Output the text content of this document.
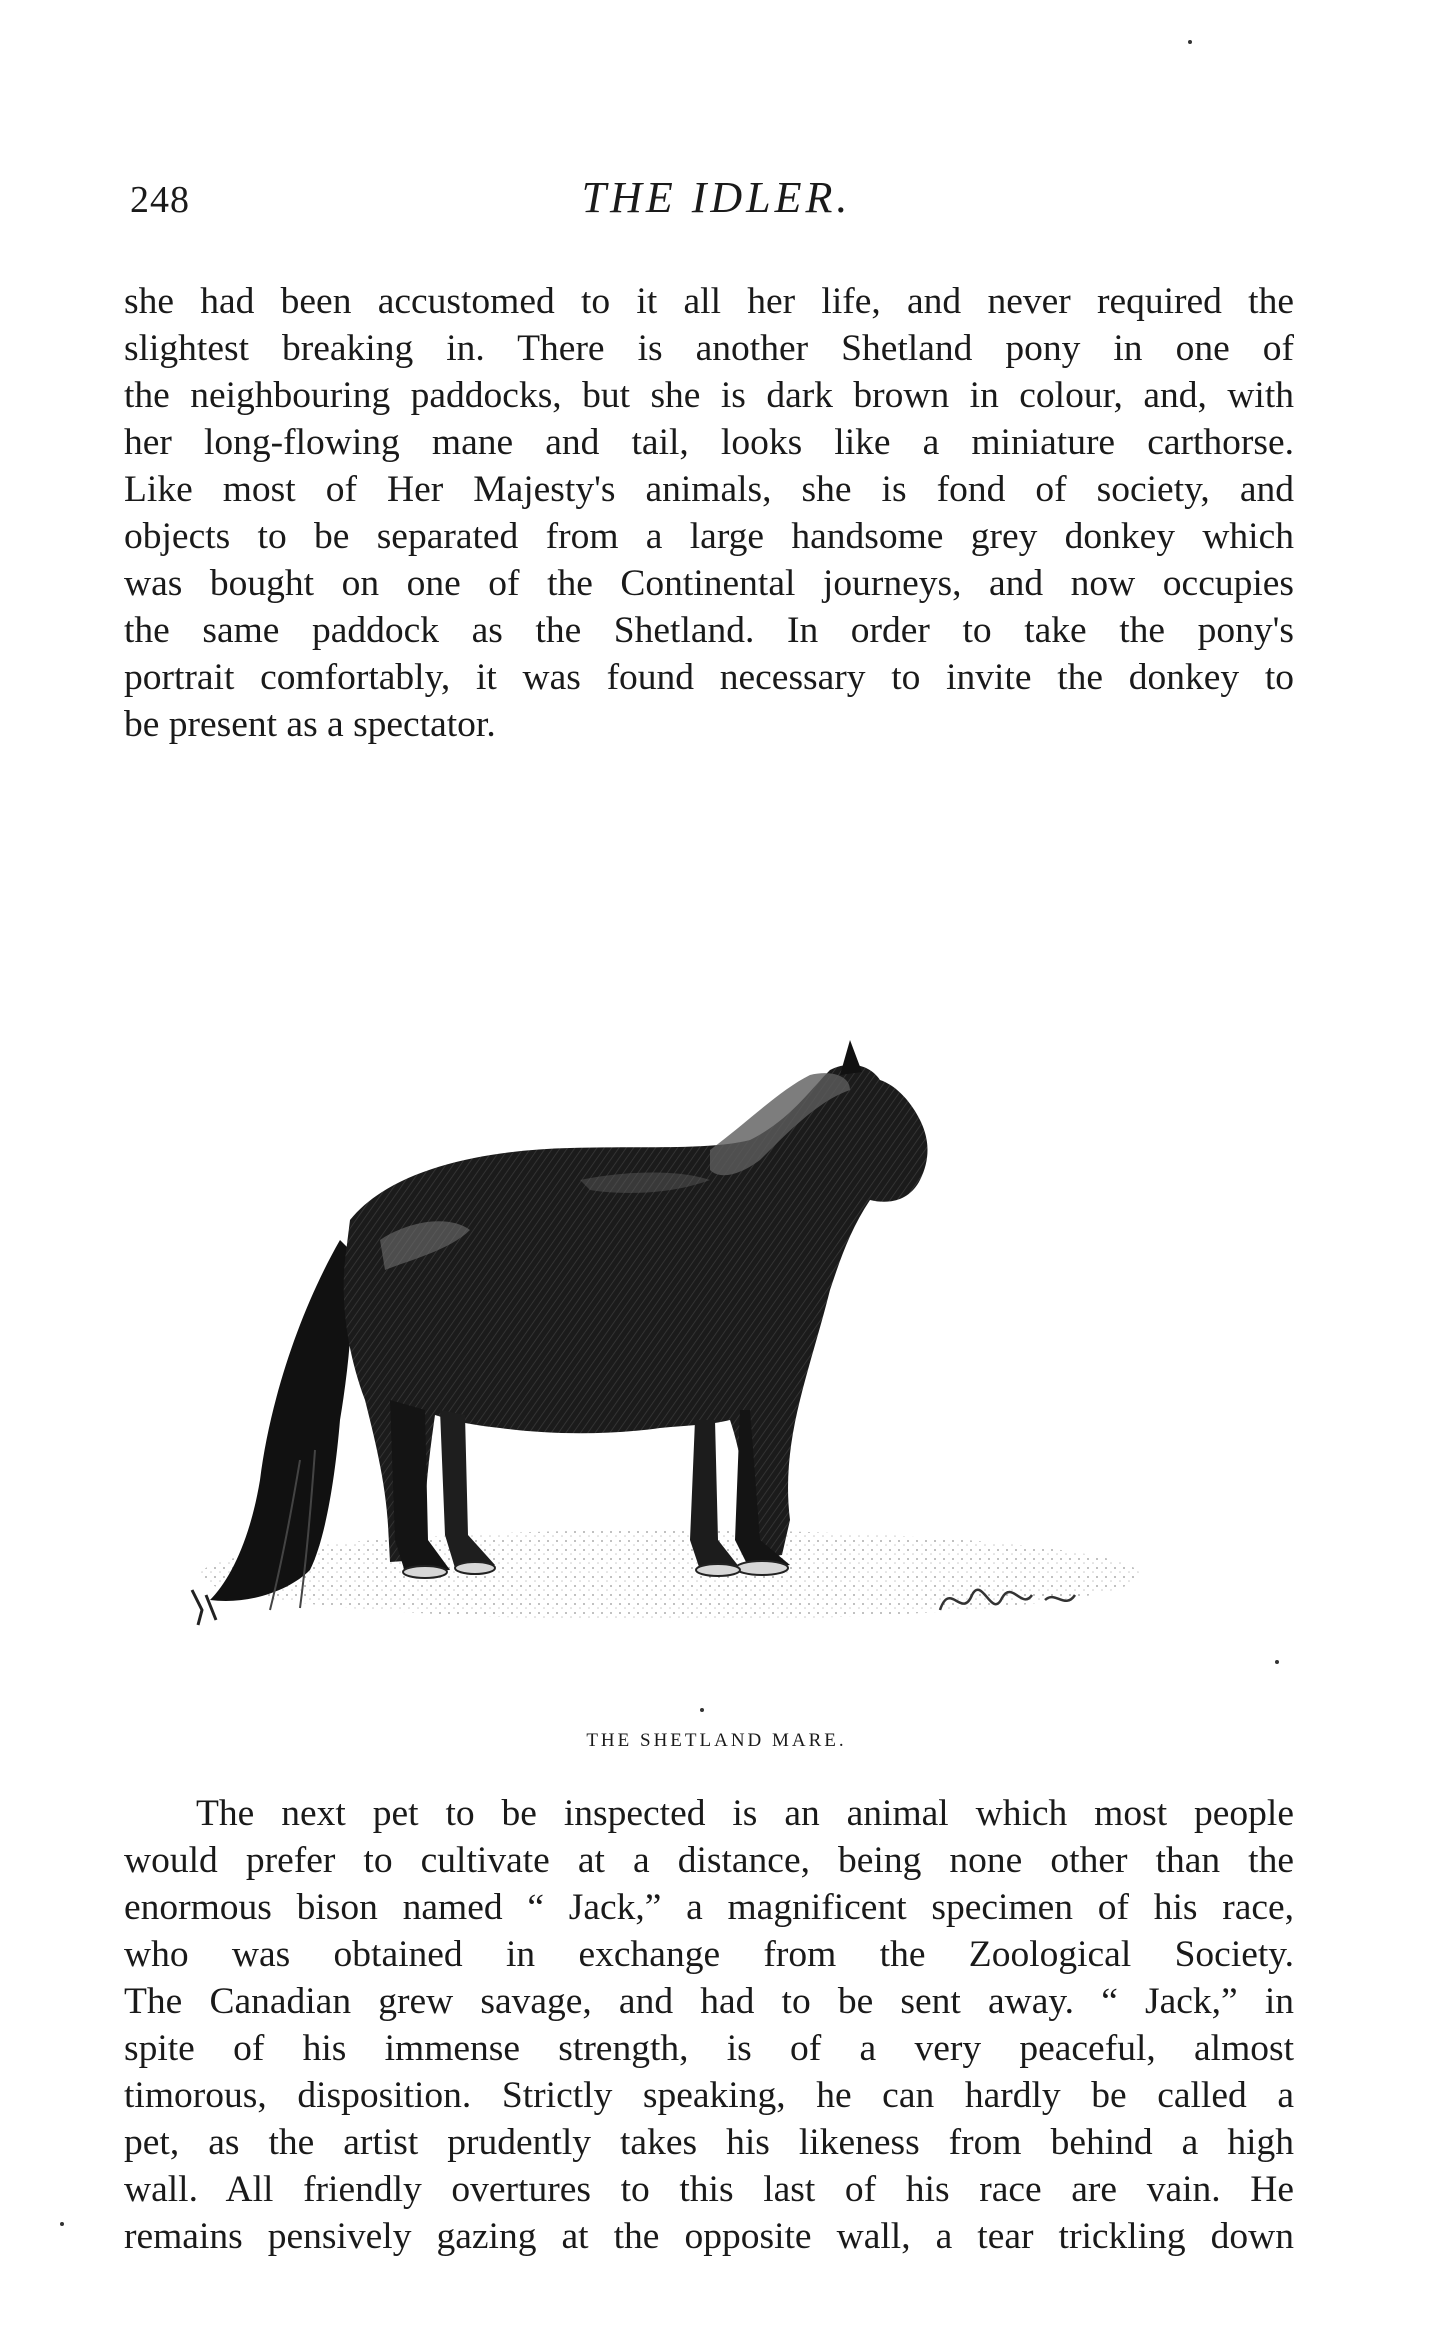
248	THE IDLER.
she had been accustomed to it all her life, and never required the
slightest breaking in. There is another Shetland pony in one of
the neighbouring paddocks, but she is dark brown in colour, and, with
her long-flowing mane and tail, looks like a miniature carthorse.
Like most of Her Majesty's animals, she is fond of society, and
objects to be separated from a large handsome grey donkey which
was bought on one of the Continental journeys, and now occupies
the same paddock as the Shetland. In order to take the pony's
portrait comfortably, it was found necessary to invite the donkey to
be present as a spectator.
THE SHETLAND MARE.
The next pet to be inspected is an animal which most people
would prefer to cultivate at a distance, being none other than the
enormous bison named “ Jack,” a magnificent specimen of his race,
who was obtained in exchange from the Zoological Society.
The Canadian grew savage, and had to be sent away. “ Jack,” in
spite of his immense strength, is of a very peaceful, almost
timorous, disposition. Strictly speaking, he can hardly be called a
pet, as the artist prudently takes his likeness from behind a high
wall. All friendly overtures to this last of his race are vain. He
remains pensively gazing at the opposite wall, a tear trickling down
